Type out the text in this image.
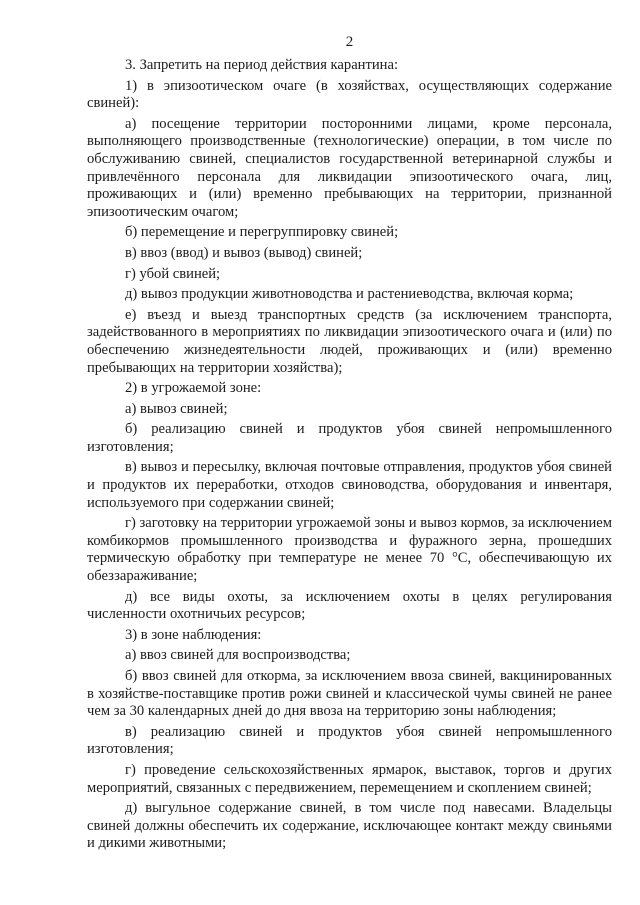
2

3. Запретить на период действия карантина:

1) в эпизоотическом очаге (в хозяйствах, осуществляющих содержание свиней):

а) посещение территории посторонними лицами, кроме персонала, выполняющего производственные (технологические) операции, в том числе по обслуживанию свиней, специалистов государственной ветеринарной службы и привлечённого персонала для ликвидации эпизоотического очага, лиц, проживающих и (или) временно пребывающих на территории, признанной эпизоотическим очагом;

б) перемещение и перегруппировку свиней;

в) ввоз (ввод) и вывоз (вывод) свиней;

г) убой свиней;

д) вывоз продукции животноводства и растениеводства, включая корма;

е) въезд и выезд транспортных средств (за исключением транспорта, задействованного в мероприятиях по ликвидации эпизоотического очага и (или) по обеспечению жизнедеятельности людей, проживающих и (или) временно пребывающих на территории хозяйства);

2) в угрожаемой зоне:

а) вывоз свиней;

б) реализацию свиней и продуктов убоя свиней непромышленного изготовления;

в) вывоз и пересылку, включая почтовые отправления, продуктов убоя свиней и продуктов их переработки, отходов свиноводства, оборудования и инвентаря, используемого при содержании свиней;

г) заготовку на территории угрожаемой зоны и вывоз кормов, за исключением комбикормов промышленного производства и фуражного зерна, прошедших термическую обработку при температуре не менее 70 °С, обеспечивающую их обеззараживание;

д) все виды охоты, за исключением охоты в целях регулирования численности охотничьих ресурсов;

3) в зоне наблюдения:

а) ввоз свиней для воспроизводства;

б) ввоз свиней для откорма, за исключением ввоза свиней, вакцинированных в хозяйстве-поставщике против рожи свиней и классической чумы свиней не ранее чем за 30 календарных дней до дня ввоза на территорию зоны наблюдения;

в) реализацию свиней и продуктов убоя свиней непромышленного изготовления;

г) проведение сельскохозяйственных ярмарок, выставок, торгов и других мероприятий, связанных с передвижением, перемещением и скоплением свиней;

д) выгульное содержание свиней, в том числе под навесами. Владельцы свиней должны обеспечить их содержание, исключающее контакт между свиньями и дикими животными;
